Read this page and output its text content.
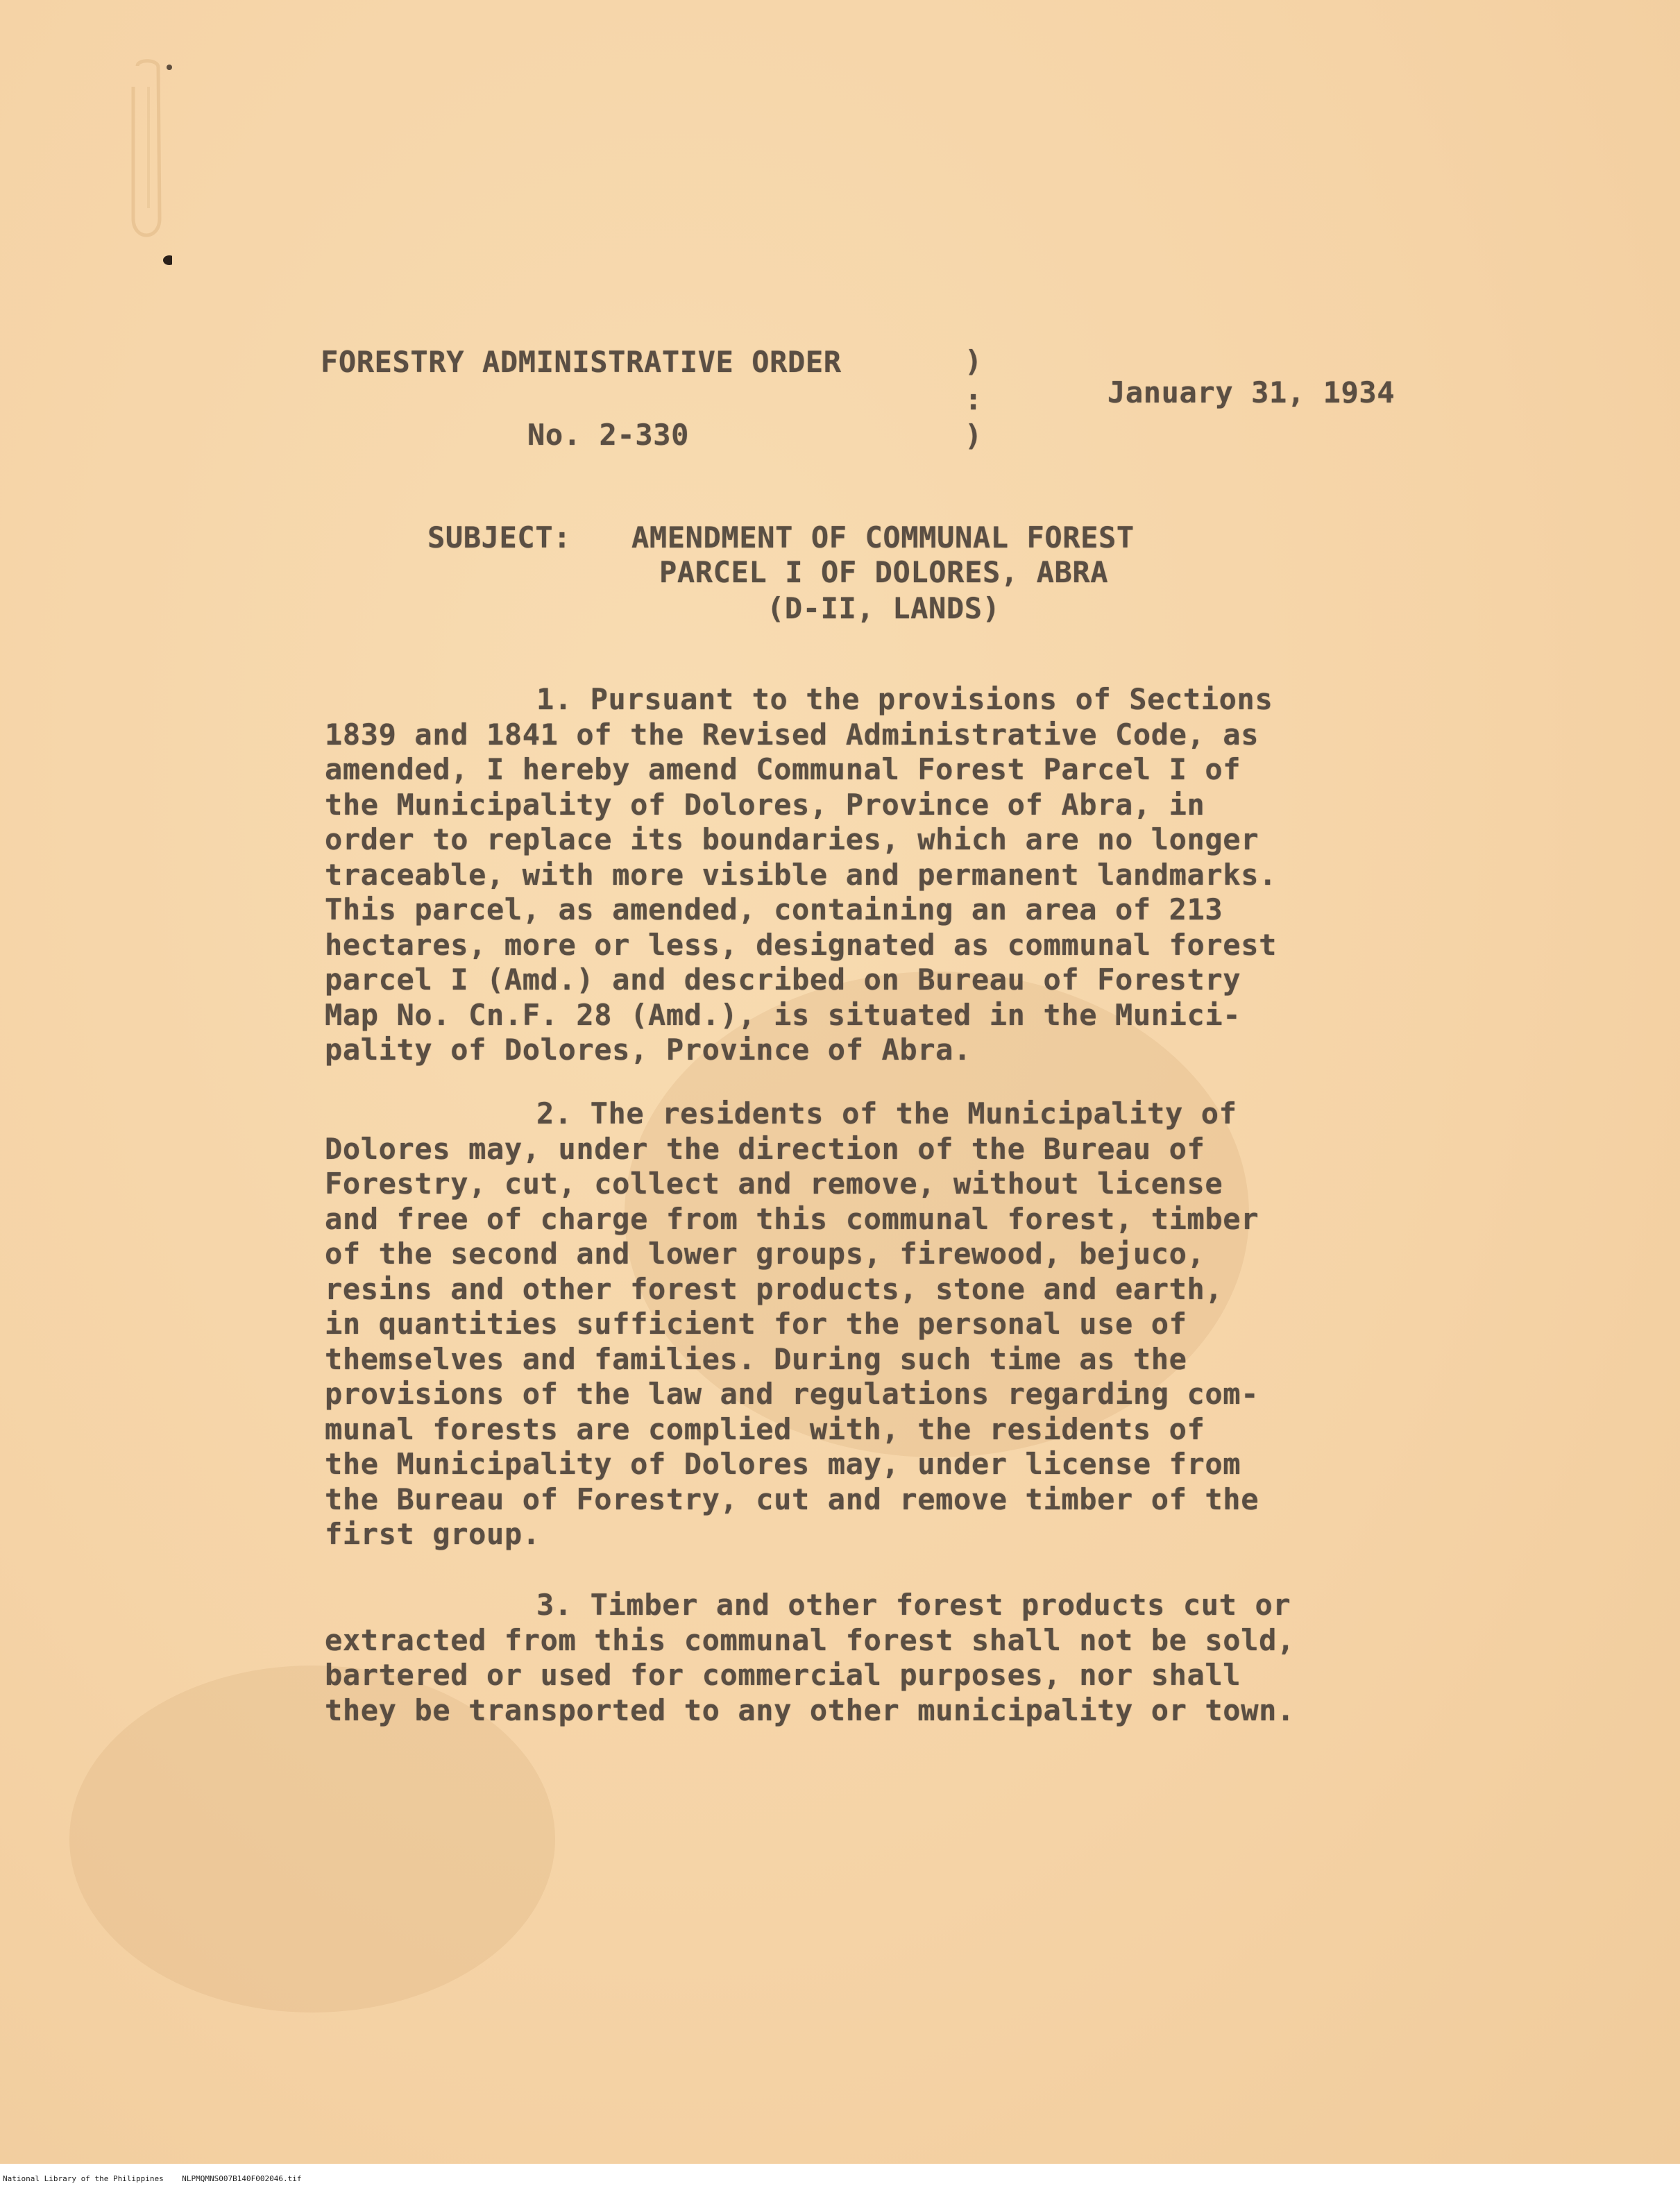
FORESTRY ADMINISTRATIVE ORDER
No. 2-330
)
:
)
January 31, 1934
SUBJECT: AMENDMENT OF COMMUNAL FOREST
PARCEL I OF DOLORES, ABRA
(D-II, LANDS)
1. Pursuant to the provisions of Sections
1839 and 1841 of the Revised Administrative Code, as
amended, I hereby amend Communal Forest Parcel I of
the Municipality of Dolores, Province of Abra, in
order to replace its boundaries, which are no longer
traceable, with more visible and permanent landmarks.
This parcel, as amended, containing an area of 213
hectares, more or less, designated as communal forest
parcel I (Amd.) and described on Bureau of Forestry
Map No. Cn.F. 28 (Amd.), is situated in the Munici-
pality of Dolores, Province of Abra.
2. The residents of the Municipality of
Dolores may, under the direction of the Bureau of
Forestry, cut, collect and remove, without license
and free of charge from this communal forest, timber
of the second and lower groups, firewood, bejuco,
resins and other forest products, stone and earth,
in quantities sufficient for the personal use of
themselves and families. During such time as the
provisions of the law and regulations regarding com-
munal forests are complied with, the residents of
the Municipality of Dolores may, under license from
the Bureau of Forestry, cut and remove timber of the
first group.
3. Timber and other forest products cut or
extracted from this communal forest shall not be sold,
bartered or used for commercial purposes, nor shall
they be transported to any other municipality or town.
National Library of the Philippines NLPMQMNS007B140F002046.tif
